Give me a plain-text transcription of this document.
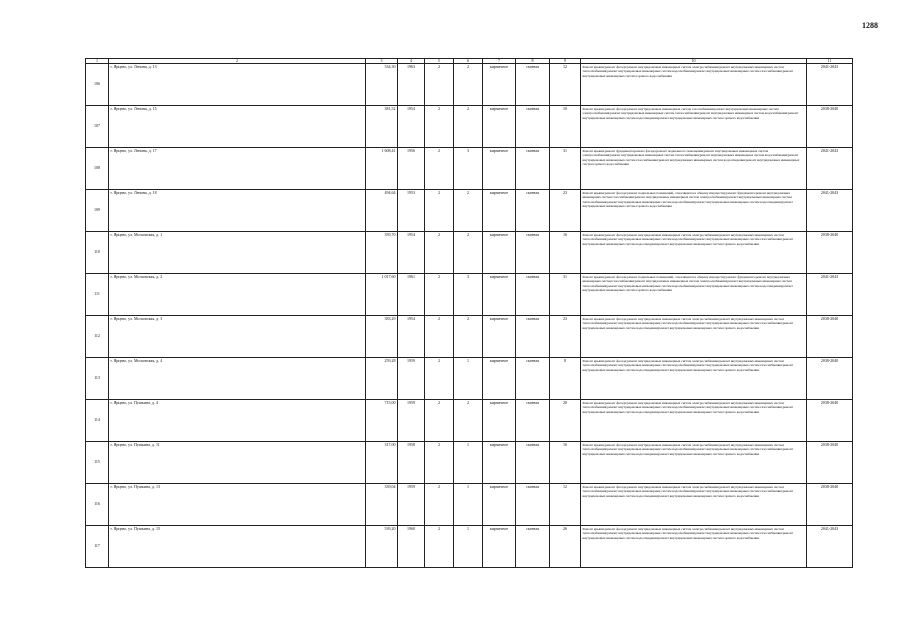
1288
1	2	3	4	5	6	7	8	9	10	11
106	г. Ярцево, ул. Ленина, д. 13	334,30	1963	2	2	кирпичное	скатная	12	Ремонт крыши;ремонт фасада;ремонт внутридомовых инженерных систем электроснабжения;ремонт внутридомовых инженерных систем теплоснабжения;ремонт внутридомовых инженерных систем водоснабжения;ремонт внутридомовых инженерных систем газоснабжения;ремонт внутридомовых инженерных систем горячего водоснабжения	2041-2043
107	г. Ярцево, ул. Ленина, д. 15	381,52	1954	2	2	кирпичное	скатная	10	Ремонт крыши;ремонт фасада;ремонт внутридомовых инженерных систем газоснабжения;ремонт внутридомовых инженерных систем электроснабжения;ремонт внутридомовых инженерных систем теплоснабжения;ремонт внутридомовых инженерных систем водоснабжения;ремонт внутридомовых инженерных систем водоотведения;ремонт внутридомовых инженерных систем горячего водоснабжения	2038-2040
108	г. Ярцево, ул. Ленина, д. 17	1 608,41	1956	2	3	кирпичное	скатная	31	Ремонт крыши;ремонт фундамента;ремонт фасада;ремонт подвального помещения;ремонт внутридомовых инженерных систем электроснабжения;ремонт внутридомовых инженерных систем теплоснабжения;ремонт внутридомовых инженерных систем водоснабжения;ремонт внутридомовых инженерных систем газоснабжения;ремонт внутридомовых инженерных систем водоотведения;ремонт внутридомовых инженерных систем горячего водоснабжения	2041-2043
109	г. Ярцево, ул. Ленина, д. 18	494,64	1953	2	2	кирпичное	скатная	23	Ремонт крыши;ремонт фасада;ремонт подвальных помещений, относящихся к общему имуществу;ремонт фундамента;ремонт внутридомовых инженерных систем газоснабжения;ремонт внутридомовых инженерных систем электроснабжения;ремонт внутридомовых инженерных систем теплоснабжения;ремонт внутридомовых инженерных систем водоснабжения;ремонт внутридомовых инженерных систем водоотведения;ремонт внутридомовых инженерных систем горячего водоснабжения	2041-2043
110	г. Ярцево, ул. Московская, д. 1	359,70	1954	2	2	кирпичное	скатная	16	Ремонт крыши;ремонт фасада;ремонт внутридомовых инженерных систем электроснабжения;ремонт внутридомовых инженерных систем теплоснабжения;ремонт внутридомовых инженерных систем водоснабжения;ремонт внутридомовых инженерных систем газоснабжения;ремонт внутридомовых инженерных систем водоотведения;ремонт внутридомовых инженерных систем горячего водоснабжения	2038-2040
111	г. Ярцево, ул. Московская, д. 2	1 017,60	1961	2	3	кирпичное	скатная	31	Ремонт крыши;ремонт фасада;ремонт подвальных помещений, относящихся к общему имуществу;ремонт фундамента;ремонт внутридомовых инженерных систем газоснабжения;ремонт внутридомовых инженерных систем электроснабжения;ремонт внутридомовых инженерных систем теплоснабжения;ремонт внутридомовых инженерных систем водоснабжения;ремонт внутридомовых инженерных систем водоотведения;ремонт внутридомовых инженерных систем горячего водоснабжения	2041-2043
112	г. Ярцево, ул. Московская, д. 3	383,29	1954	2	2	кирпичное	скатная	23	Ремонт крыши;ремонт фасада;ремонт внутридомовых инженерных систем электроснабжения;ремонт внутридомовых инженерных систем теплоснабжения;ремонт внутридомовых инженерных систем водоснабжения;ремонт внутридомовых инженерных систем газоснабжения;ремонт внутридомовых инженерных систем водоотведения;ремонт внутридомовых инженерных систем горячего водоснабжения	2038-2040
113	г. Ярцево, ул. Московская, д. 4	259,28	1959	2	1	кирпичное	скатная	8	Ремонт крыши;ремонт фасада;ремонт внутридомовых инженерных систем электроснабжения;ремонт внутридомовых инженерных систем теплоснабжения;ремонт внутридомовых инженерных систем водоснабжения;ремонт внутридомовых инженерных систем газоснабжения;ремонт внутридомовых инженерных систем водоотведения;ремонт внутридомовых инженерных систем горячего водоснабжения	2038-2040
114	г. Ярцево, ул. Пушкина, д. 4	715,00	1959	2	2	кирпичное	скатная	20	Ремонт крыши;ремонт фасада;ремонт внутридомовых инженерных систем электроснабжения;ремонт внутридомовых инженерных систем теплоснабжения;ремонт внутридомовых инженерных систем водоснабжения;ремонт внутридомовых инженерных систем газоснабжения;ремонт внутридомовых инженерных систем водоотведения;ремонт внутридомовых инженерных систем горячего водоснабжения	2038-2040
115	г. Ярцево, ул. Пушкина, д. 11	317,00	1958	2	1	кирпичное	скатная	16	Ремонт крыши;ремонт фасада;ремонт внутридомовых инженерных систем электроснабжения;ремонт внутридомовых инженерных систем теплоснабжения;ремонт внутридомовых инженерных систем водоснабжения;ремонт внутридомовых инженерных систем газоснабжения;ремонт внутридомовых инженерных систем водоотведения;ремонт внутридомовых инженерных систем горячего водоснабжения	2038-2040
116	г. Ярцево, ул. Пушкина, д. 13	339,04	1959	2	1	кирпичное	скатная	12	Ремонт крыши;ремонт фасада;ремонт внутридомовых инженерных систем электроснабжения;ремонт внутридомовых инженерных систем теплоснабжения;ремонт внутридомовых инженерных систем водоснабжения;ремонт внутридомовых инженерных систем газоснабжения;ремонт внутридомовых инженерных систем водоотведения;ремонт внутридомовых инженерных систем горячего водоснабжения	2038-2040
117	г. Ярцево, ул. Пушкина, д. 15	539,20	1960	2	1	кирпичное	скатная	26	Ремонт крыши;ремонт фасада;ремонт внутридомовых инженерных систем электроснабжения;ремонт внутридомовых инженерных систем теплоснабжения;ремонт внутридомовых инженерных систем водоснабжения;ремонт внутридомовых инженерных систем газоснабжения;ремонт внутридомовых инженерных систем водоотведения;ремонт внутридомовых инженерных систем горячего водоснабжения	2041-2043
